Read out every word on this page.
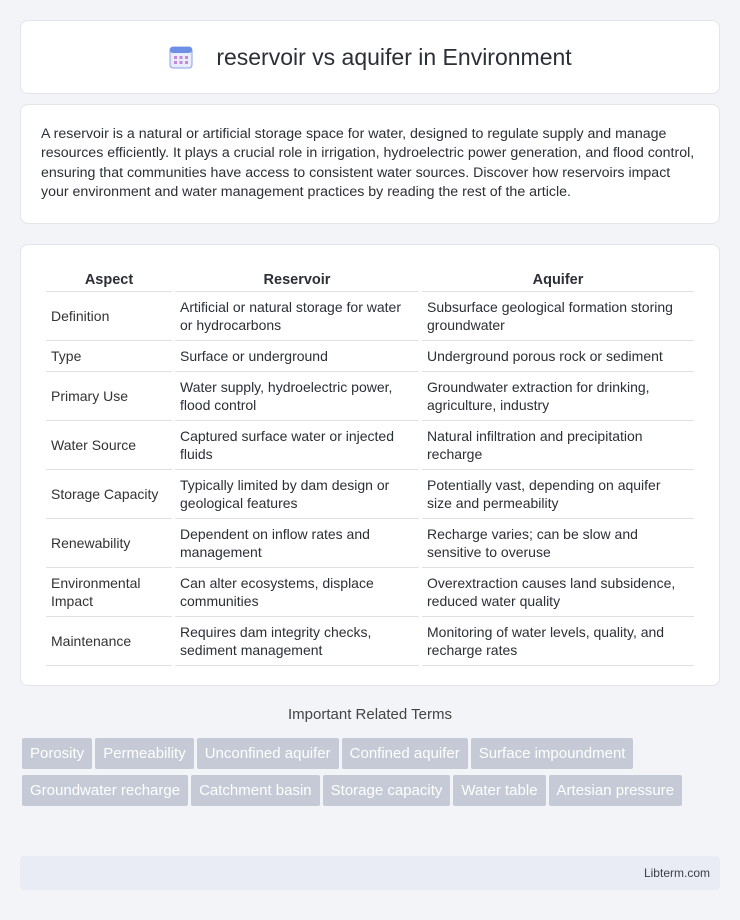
reservoir vs aquifer in Environment

A reservoir is a natural or artificial storage space for water, designed to regulate supply and manage resources efficiently. It plays a crucial role in irrigation, hydroelectric power generation, and flood control, ensuring that communities have access to consistent water sources. Discover how reservoirs impact your environment and water management practices by reading the rest of the article.

Aspect	Reservoir	Aquifer
Definition	Artificial or natural storage for water or hydrocarbons	Subsurface geological formation storing groundwater
Type	Surface or underground	Underground porous rock or sediment
Primary Use	Water supply, hydroelectric power, flood control	Groundwater extraction for drinking, agriculture, industry
Water Source	Captured surface water or injected fluids	Natural infiltration and precipitation recharge
Storage Capacity	Typically limited by dam design or geological features	Potentially vast, depending on aquifer size and permeability
Renewability	Dependent on inflow rates and management	Recharge varies; can be slow and sensitive to overuse
Environmental Impact	Can alter ecosystems, displace communities	Overextraction causes land subsidence, reduced water quality
Maintenance	Requires dam integrity checks, sediment management	Monitoring of water levels, quality, and recharge rates
Important Related Terms
Porosity	Permeability	Unconfined aquifer	Confined aquifer	Surface impoundment
Groundwater recharge	Catchment basin	Storage capacity	Water table	Artesian pressure
Libterm.com
